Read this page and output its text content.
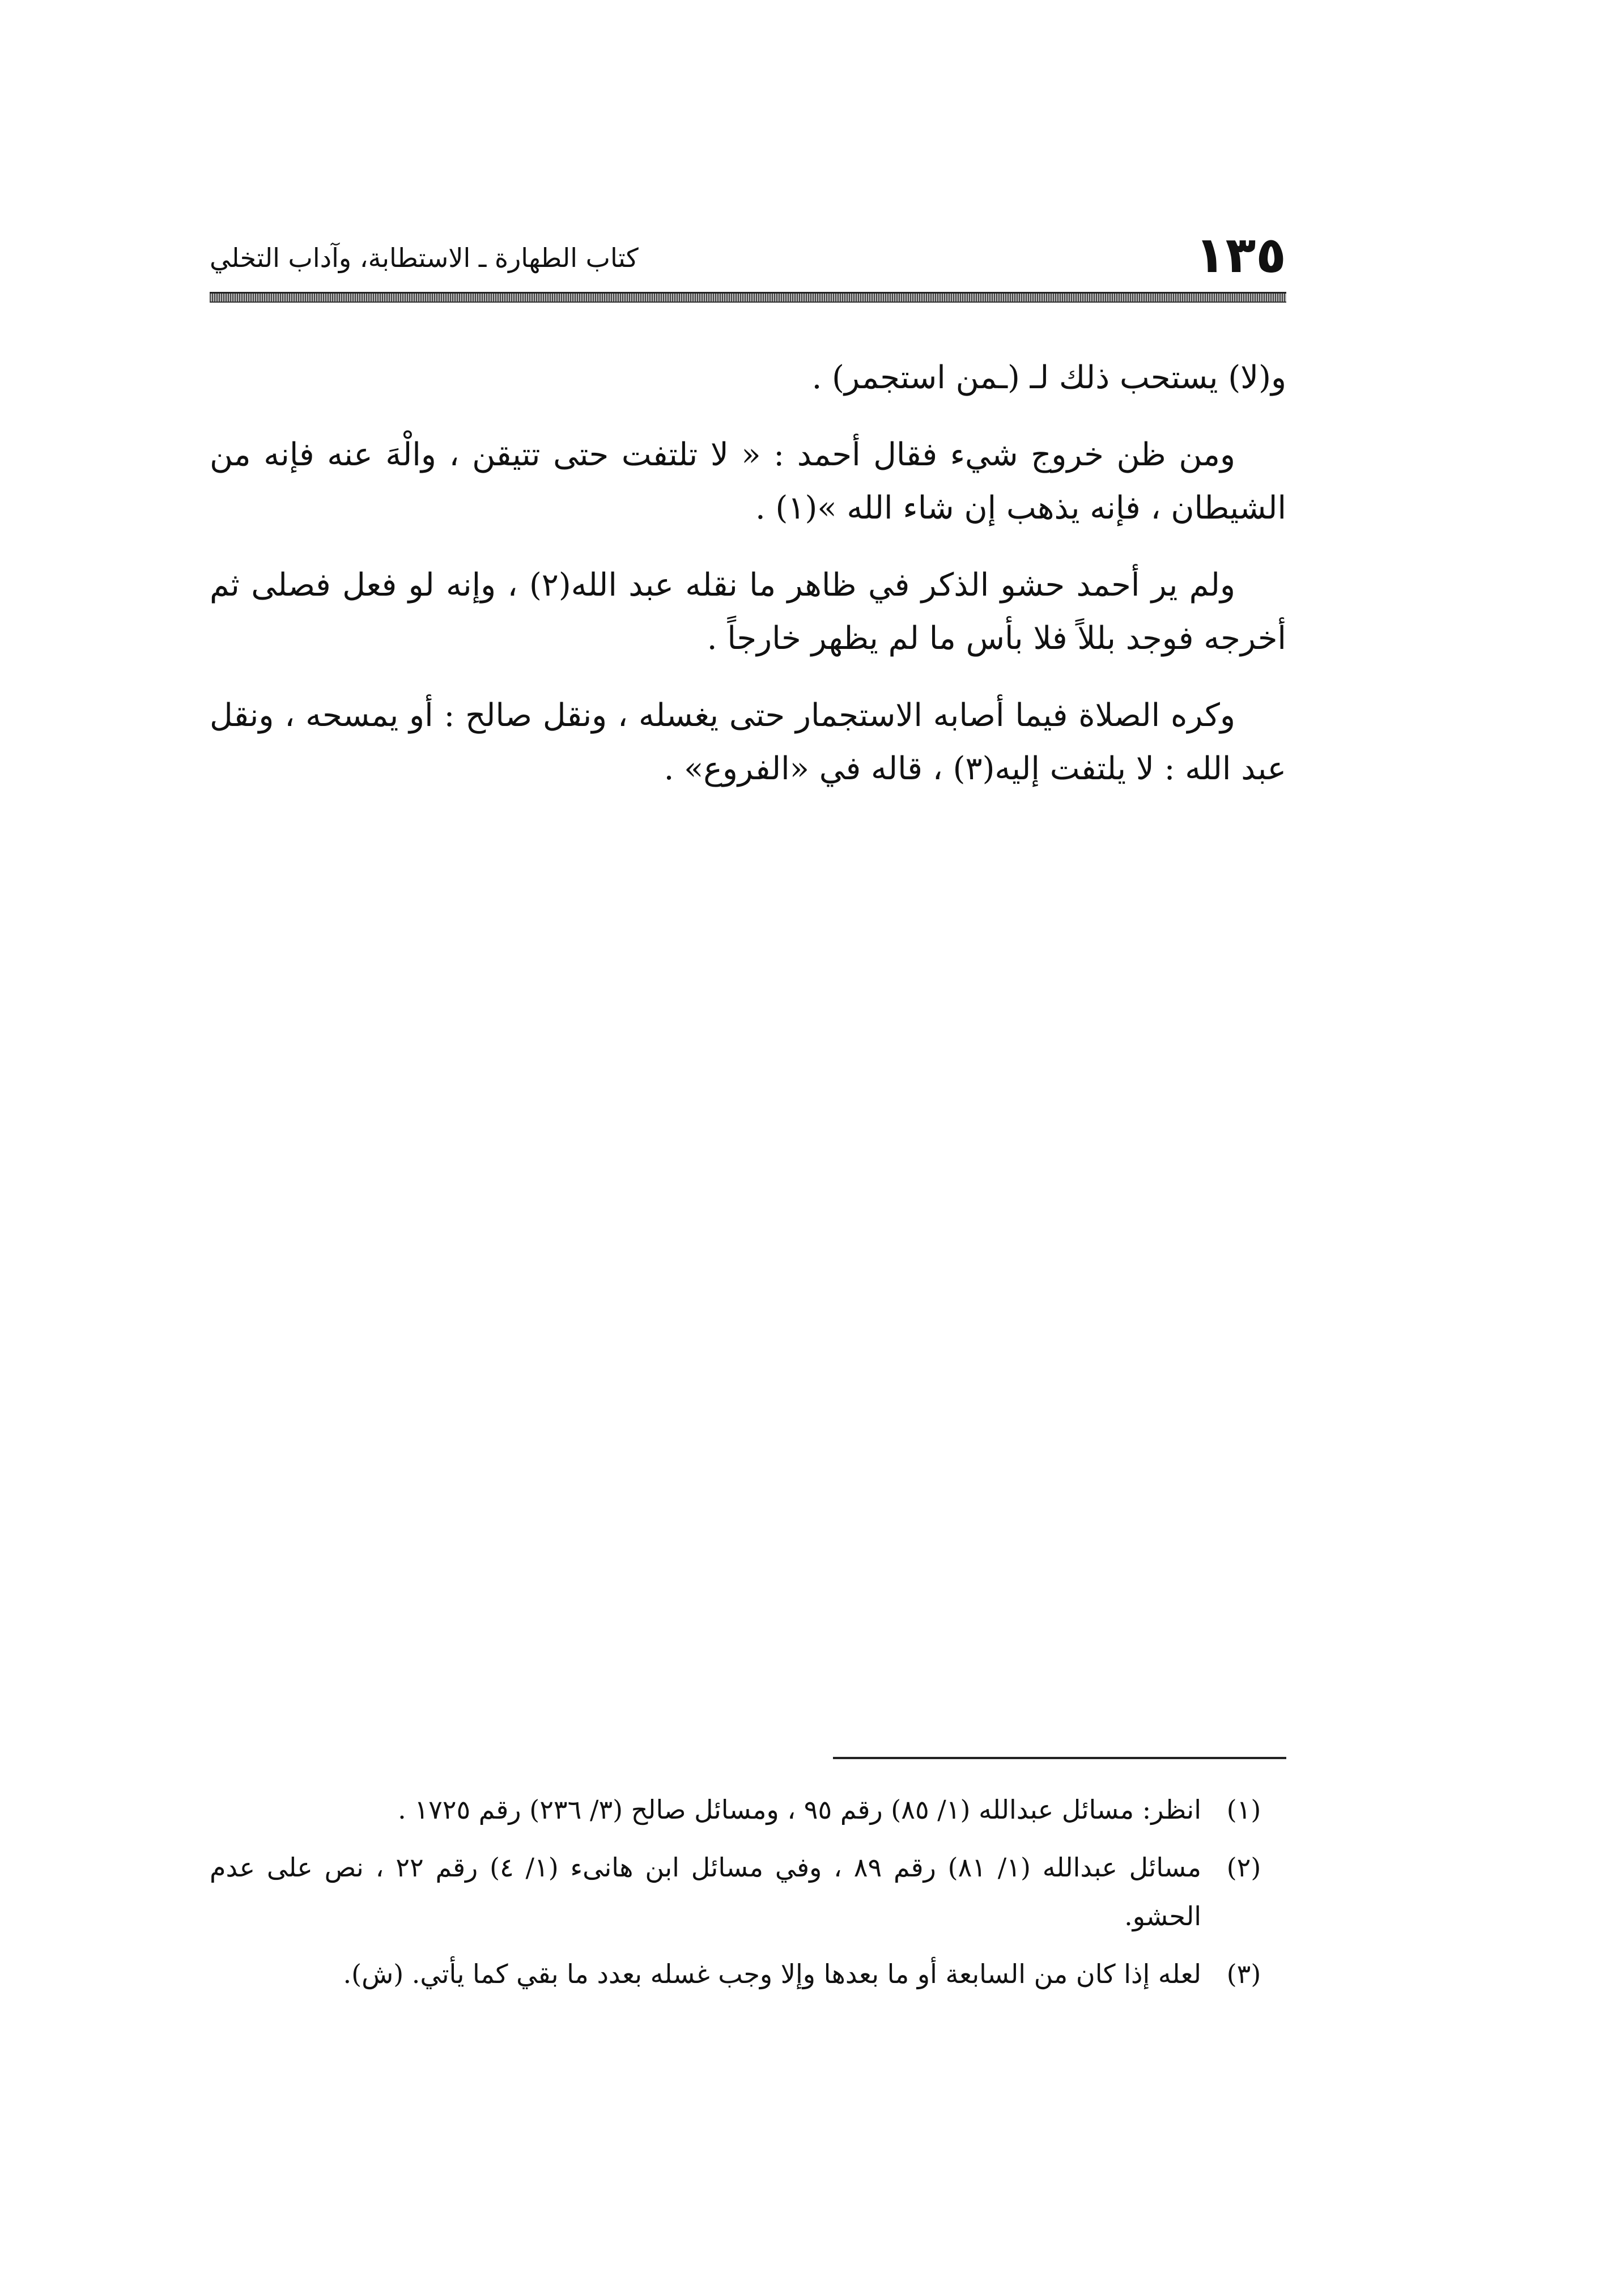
١٣٥
كتاب الطهارة ـ الاستطابة، وآداب التخلي

و(لا) يستحب ذلك لـ (ـمن استجمر) .

ومن ظن خروج شيء فقال أحمد : « لا تلتفت حتى تتيقن ، والْهَ عنه فإنه من الشيطان ، فإنه يذهب إن شاء الله »(١) .

ولم ير أحمد حشو الذكر في ظاهر ما نقله عبد الله(٢) ، وإنه لو فعل فصلى ثم أخرجه فوجد بللاً فلا بأس ما لم يظهر خارجاً .

وكره الصلاة فيما أصابه الاستجمار حتى يغسله ، ونقل صالح : أو يمسحه ، ونقل عبد الله : لا يلتفت إليه(٣) ، قاله في «الفروع» .

(١)
انظر: مسائل عبدالله (١/ ٨٥) رقم ٩٥ ، ومسائل صالح (٣/ ٢٣٦) رقم ١٧٢٥ .
(٢)
مسائل عبدالله (١/ ٨١) رقم ٨٩ ، وفي مسائل ابن هانىء (١/ ٤) رقم ٢٢ ، نص على عدم الحشو.
(٣)
لعله إذا كان من السابعة أو ما بعدها وإلا وجب غسله بعدد ما بقي كما يأتي. (ش).
